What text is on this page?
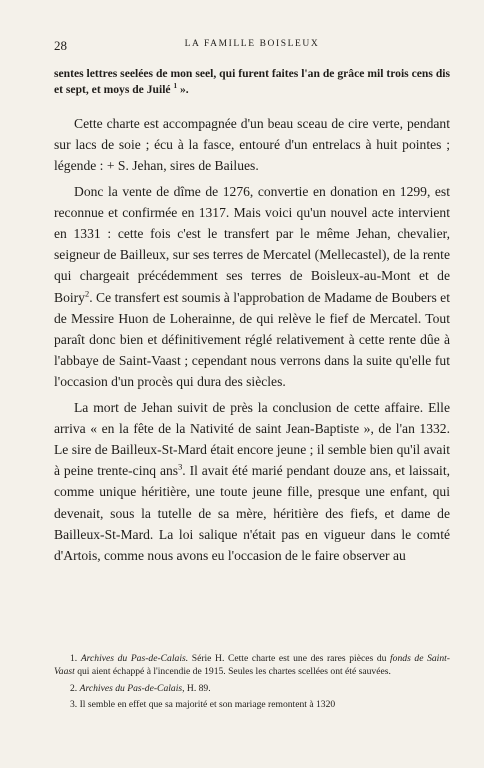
28	LA FAMILLE BOISLEUX
sentes lettres seelées de mon seel, qui furent faites l'an de grâce mil trois cens dis et sept, et moys de Juilé $^1$ ».

Cette charte est accompagnée d'un beau sceau de cire verte, pendant sur lacs de soie ; écu à la fasce, entouré d'un entrelacs à huit pointes ; légende : + S. Jehan, sires de Bailues.

Donc la vente de dîme de 1276, convertie en donation en 1299, est reconnue et confirmée en 1317. Mais voici qu'un nouvel acte intervient en 1331 : cette fois c'est le transfert par le même Jehan, chevalier, seigneur de Bailleux, sur ses terres de Mercatel (Mellecastel), de la rente qui chargeait précédemment ses terres de Boisleux-au-Mont et de Boiry$^2$. Ce transfert est soumis à l'approbation de Madame de Boubers et de Messire Huon de Loherainne, de qui relève le fief de Mercatel. Tout paraît donc bien et définitivement réglé relativement à cette rente dûe à l'abbaye de Saint-Vaast ; cependant nous verrons dans la suite qu'elle fut l'occasion d'un procès qui dura des siècles.

La mort de Jehan suivit de près la conclusion de cette affaire. Elle arriva « en la fête de la Nativité de saint Jean-Baptiste », de l'an 1332. Le sire de Bailleux-St-Mard était encore jeune ; il semble bien qu'il avait à peine trente-cinq ans$^3$. Il avait été marié pendant douze ans, et laissait, comme unique héritière, une toute jeune fille, presque une enfant, qui devenait, sous la tutelle de sa mère, héritière des fiefs, et dame de Bailleux-St-Mard. La loi salique n'était pas en vigueur dans le comté d'Artois, comme nous avons eu l'occasion de le faire observer au

1. Archives du Pas-de-Calais. Série H. Cette charte est une des rares pièces du fonds de Saint-Vaast qui aient échappé à l'incendie de 1915. Seules les chartes scellées ont été sauvées.

2. Archives du Pas-de-Calais, H. 89.

3. Il semble en effet que sa majorité et son mariage remontent à 1320
